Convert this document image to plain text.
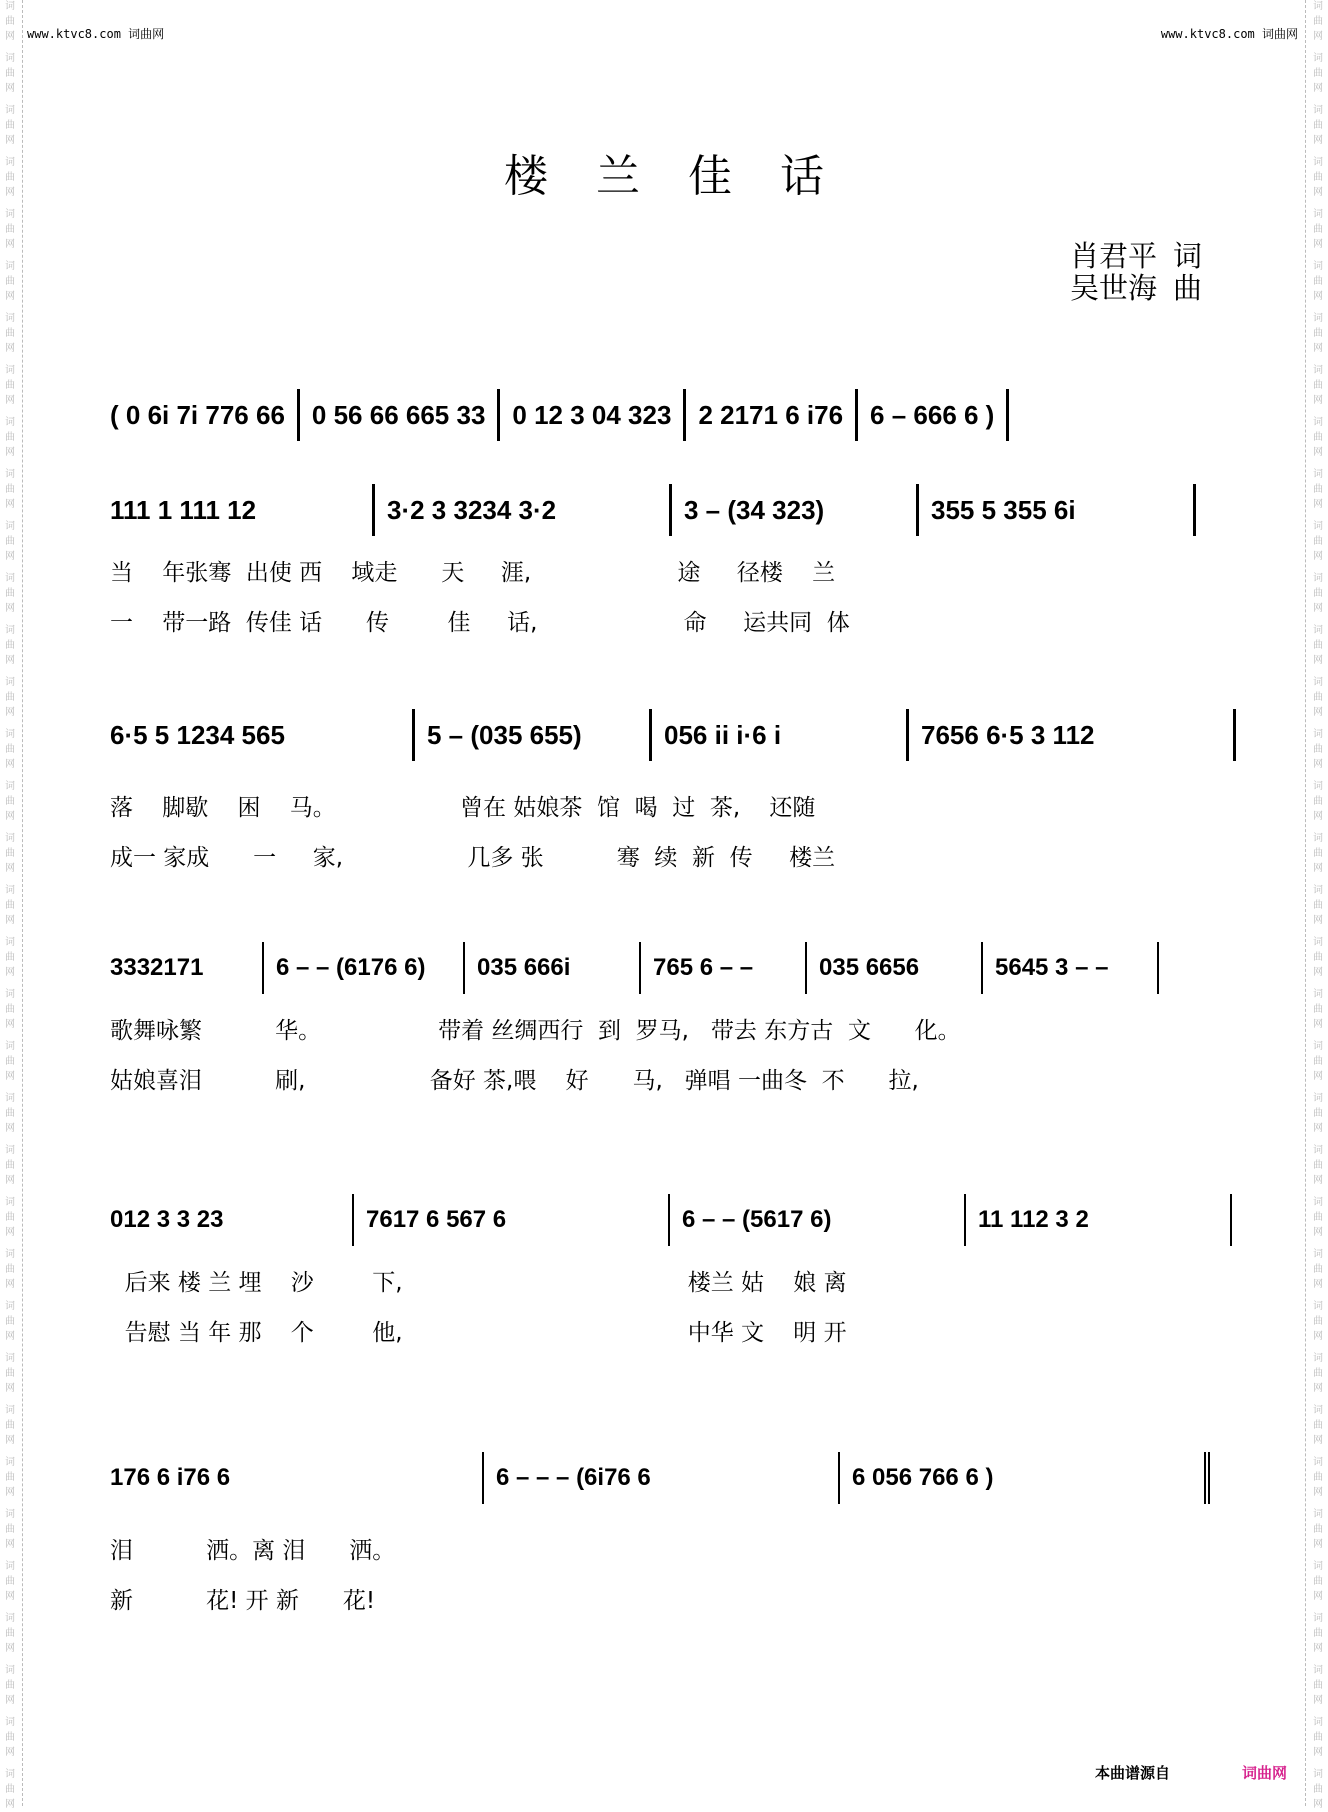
词
曲
网
词
曲
网
词
曲
网
词
曲
网
词
曲
网
词
曲
网
词
曲
网
词
曲
网
词
曲
网
词
曲
网
词
曲
网
词
曲
网
词
曲
网
词
曲
网
词
曲
网
词
曲
网
词
曲
网
词
曲
网
词
曲
网
词
曲
网
词
曲
网
词
曲
网
词
曲
网
词
曲
网
词
曲
网
词
曲
网
词
曲
网
词
曲
网
词
曲
网
词
曲
网
词
曲
网
词
曲
网
词
曲
网
词
曲
网
词
曲
网
词
曲
网
词
曲
网
词
曲
网
词
曲
网
词
曲
网
词
曲
网
词
曲
网
词
曲
网
词
曲
网
词
曲
网
词
曲
网
词
曲
网
词
曲
网
词
曲
网
词
曲
网
词
曲
网
词
曲
网
词
曲
网
词
曲
网
词
曲
网
词
曲
网
词
曲
网
词
曲
网
词
曲
网
词
曲
网
词
曲
网
词
曲
网
词
曲
网
词
曲
网
词
曲
网
词
曲
网
词
曲
网
词
曲
网
词
曲
网
词
曲
网
www.ktvc8.com 词曲网	www.ktvc8.com 词曲网
楼兰佳话
肖君平 词
吴世海 曲
( 0 6i 7i 776 66	0 56 66 665 33	0 12 3 04 323	2 2171 6 i76	6 – 666 6 )
111 1 111 12	3·2 3 3234 3·2	3 – (34 323)	355 5 355 6i
当    年张骞  出使 西    域走      天     涯,                    途     径楼    兰
一    带一路  传佳 话      传        佳     话,                    命     运共同  体
6·5 5 1234 565	5 – (035 655)	056 ii i·6 i	7656 6·5 3 112
落    脚歇    困    马。                 曾在 姑娘茶  馆  喝  过  茶,    还随
成一 家成      一     家,                 几多 张          骞  续  新  传     楼兰
3332171	6 – – (6176 6)	035 666i	765 6 – –	035 6656	5645 3 – –
歌舞咏繁          华。                带着 丝绸西行  到  罗马,   带去 东方古  文      化。
姑娘喜泪          刷,                 备好 茶,喂    好      马,   弹唱 一曲冬  不      拉,
012 3 3 23	7617 6 567 6	6 – – (5617 6)	11 112 3 2
后来 楼 兰 埋    沙        下,                                       楼兰 姑    娘 离
告慰 当 年 那    个        他,                                       中华 文    明 开
176 6 i76 6	6 – – – (6i76 6	6 056 766 6 )
泪          洒。离 泪      洒。
新          花! 开 新      花!
本曲谱源自	词曲网
